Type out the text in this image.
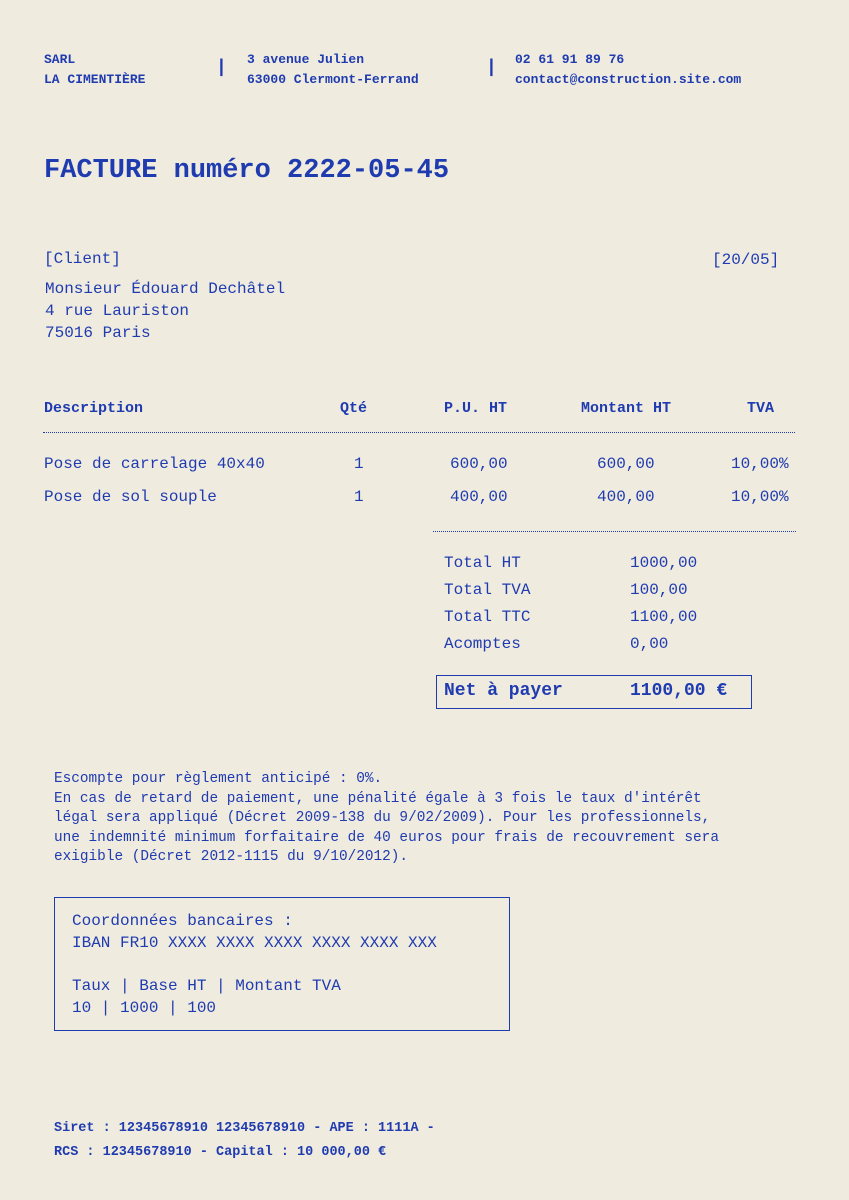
SARL
LA CIMENTIÈRE
| 3 avenue Julien
63000 Clermont-Ferrand
| 02 61 91 89 76
contact@construction.site.com
FACTURE numéro 2222-05-45
[Client]	[20/05]
Monsieur Édouard Dechâtel
4 rue Lauriston
75016 Paris
Description	Qté	P.U. HT	Montant HT	TVA
Pose de carrelage 40x40	1	600,00	600,00	10,00%
Pose de sol souple	1	400,00	400,00	10,00%
Total HT	1000,00
Total TVA	100,00
Total TTC	1100,00
Acomptes	0,00
Net à payer	1100,00 €
Escompte pour règlement anticipé : 0%.
En cas de retard de paiement, une pénalité égale à 3 fois le taux d'intérêt
légal sera appliqué (Décret 2009-138 du 9/02/2009). Pour les professionnels,
une indemnité minimum forfaitaire de 40 euros pour frais de recouvrement sera
exigible (Décret 2012-1115 du 9/10/2012).
Coordonnées bancaires :
IBAN FR10 XXXX XXXX XXXX XXXX XXXX XXX
Taux | Base HT | Montant TVA
10 | 1000 | 100
Siret : 12345678910 12345678910 - APE : 1111A -
RCS : 12345678910 - Capital : 10 000,00 €
